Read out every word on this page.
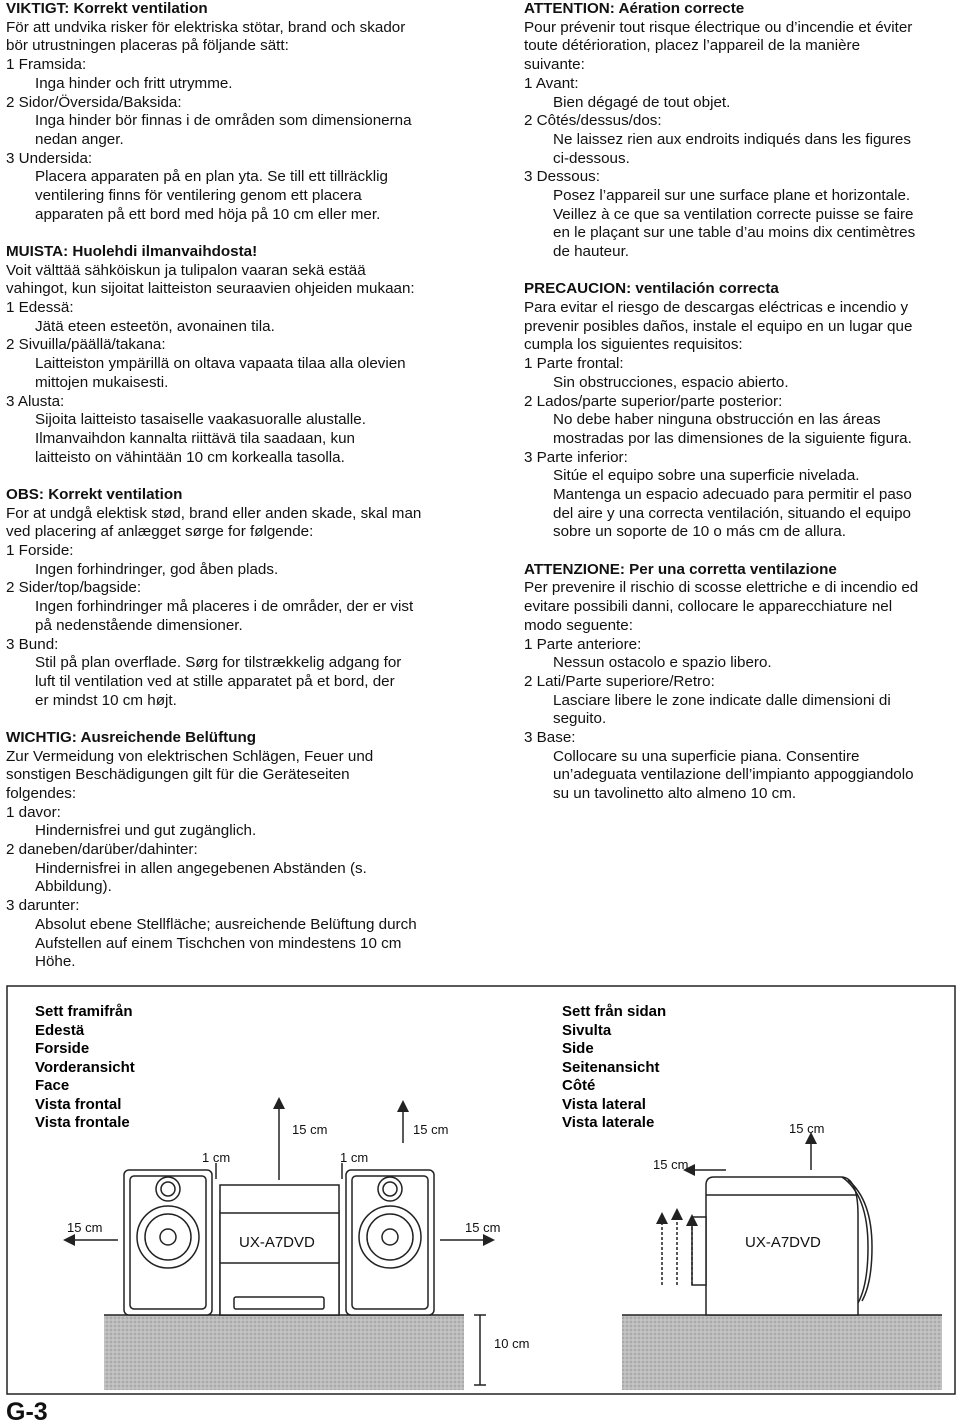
VIKTIGT: Korrekt ventilation
För att undvika risker för elektriska stötar, brand och skador
bör utrustningen placeras på följande sätt:
1 Framsida:
Inga hinder och fritt utrymme.
2 Sidor/Översida/Baksida:
Inga hinder bör finnas i de områden som dimensionerna
nedan anger.
3 Undersida:
Placera apparaten på en plan yta. Se till ett tillräcklig
ventilering finns för ventilering genom ett placera
apparaten på ett bord med höja på 10 cm eller mer.
MUISTA: Huolehdi ilmanvaihdosta!
Voit välttää sähköiskun ja tulipalon vaaran sekä estää
vahingot, kun sijoitat laitteiston seuraavien ohjeiden mukaan:
1 Edessä:
Jätä eteen esteetön, avonainen tila.
2 Sivuilla/päällä/takana:
Laitteiston ympärillä on oltava vapaata tilaa alla olevien
mittojen mukaisesti.
3 Alusta:
Sijoita laitteisto tasaiselle vaakasuoralle alustalle.
Ilmanvaihdon kannalta riittävä tila saadaan, kun
laitteisto on vähintään 10 cm korkealla tasolla.
OBS: Korrekt ventilation
For at undgå elektisk stød, brand eller anden skade, skal man
ved placering af anlægget sørge for følgende:
1 Forside:
Ingen forhindringer, god åben plads.
2 Sider/top/bagside:
Ingen forhindringer må placeres i de områder, der er vist
på nedenstående dimensioner.
3 Bund:
Stil på plan overflade. Sørg for tilstrækkelig adgang for
luft til ventilation ved at stille apparatet på et bord, der
er mindst 10 cm højt.
WICHTIG: Ausreichende Belüftung
Zur Vermeidung von elektrischen Schlägen, Feuer und
sonstigen Beschädigungen gilt für die Geräteseiten
folgendes:
1 davor:
Hindernisfrei und gut zugänglich.
2 daneben/darüber/dahinter:
Hindernisfrei in allen angegebenen Abständen (s.
Abbildung).
3 darunter:
Absolut ebene Stellfläche; ausreichende Belüftung durch
Aufstellen auf einem Tischchen von mindestens 10 cm
Höhe.
ATTENTION: Aération correcte
Pour prévenir tout risque électrique ou d’incendie et éviter
toute détérioration, placez l’appareil de la manière
suivante:
1 Avant:
Bien dégagé de tout objet.
2 Côtés/dessus/dos:
Ne laissez rien aux endroits indiqués dans les figures
ci-dessous.
3 Dessous:
Posez l’appareil sur une surface plane et horizontale.
Veillez à ce que sa ventilation correcte puisse se faire
en le plaçant sur une table d’au moins dix centimètres
de hauteur.
PRECAUCION: ventilación correcta
Para evitar el riesgo de descargas eléctricas e incendio y
prevenir posibles daños, instale el equipo en un lugar que
cumpla los siguientes requisitos:
1 Parte frontal:
Sin obstrucciones, espacio abierto.
2 Lados/parte superior/parte posterior:
No debe haber ninguna obstrucción en las áreas
mostradas por las dimensiones de la siguiente figura.
3 Parte inferior:
Sitúe el equipo sobre una superficie nivelada.
Mantenga un espacio adecuado para permitir el paso
del aire y una correcta ventilación, situando el equipo
sobre un soporte de 10 o más cm de allura.
ATTENZIONE: Per una corretta ventilazione
Per prevenire il rischio di scosse elettriche e di incendio ed
evitare possibili danni, collocare le apparecchiature nel
modo seguente:
1 Parte anteriore:
Nessun ostacolo e spazio libero.
2 Lati/Parte superiore/Retro:
Lasciare libere le zone indicate dalle dimensioni di
seguito.
3 Base:
Collocare su una superficie piana. Consentire
un’adeguata ventilazione dell’impianto appoggiandolo
su un tavolinetto alto almeno 10 cm.
Sett framifrån
Edestä
Forside
Vorderansicht
Face
Vista frontal
Vista frontale
Sett från sidan
Sivulta
Side
Seitenansicht
Côté
Vista lateral
Vista laterale
15 cm	15 cm
1 cm	1 cm
15 cm	15 cm
UX-A7DVD
15 cm
15 cm
UX-A7DVD
10 cm
G-3
